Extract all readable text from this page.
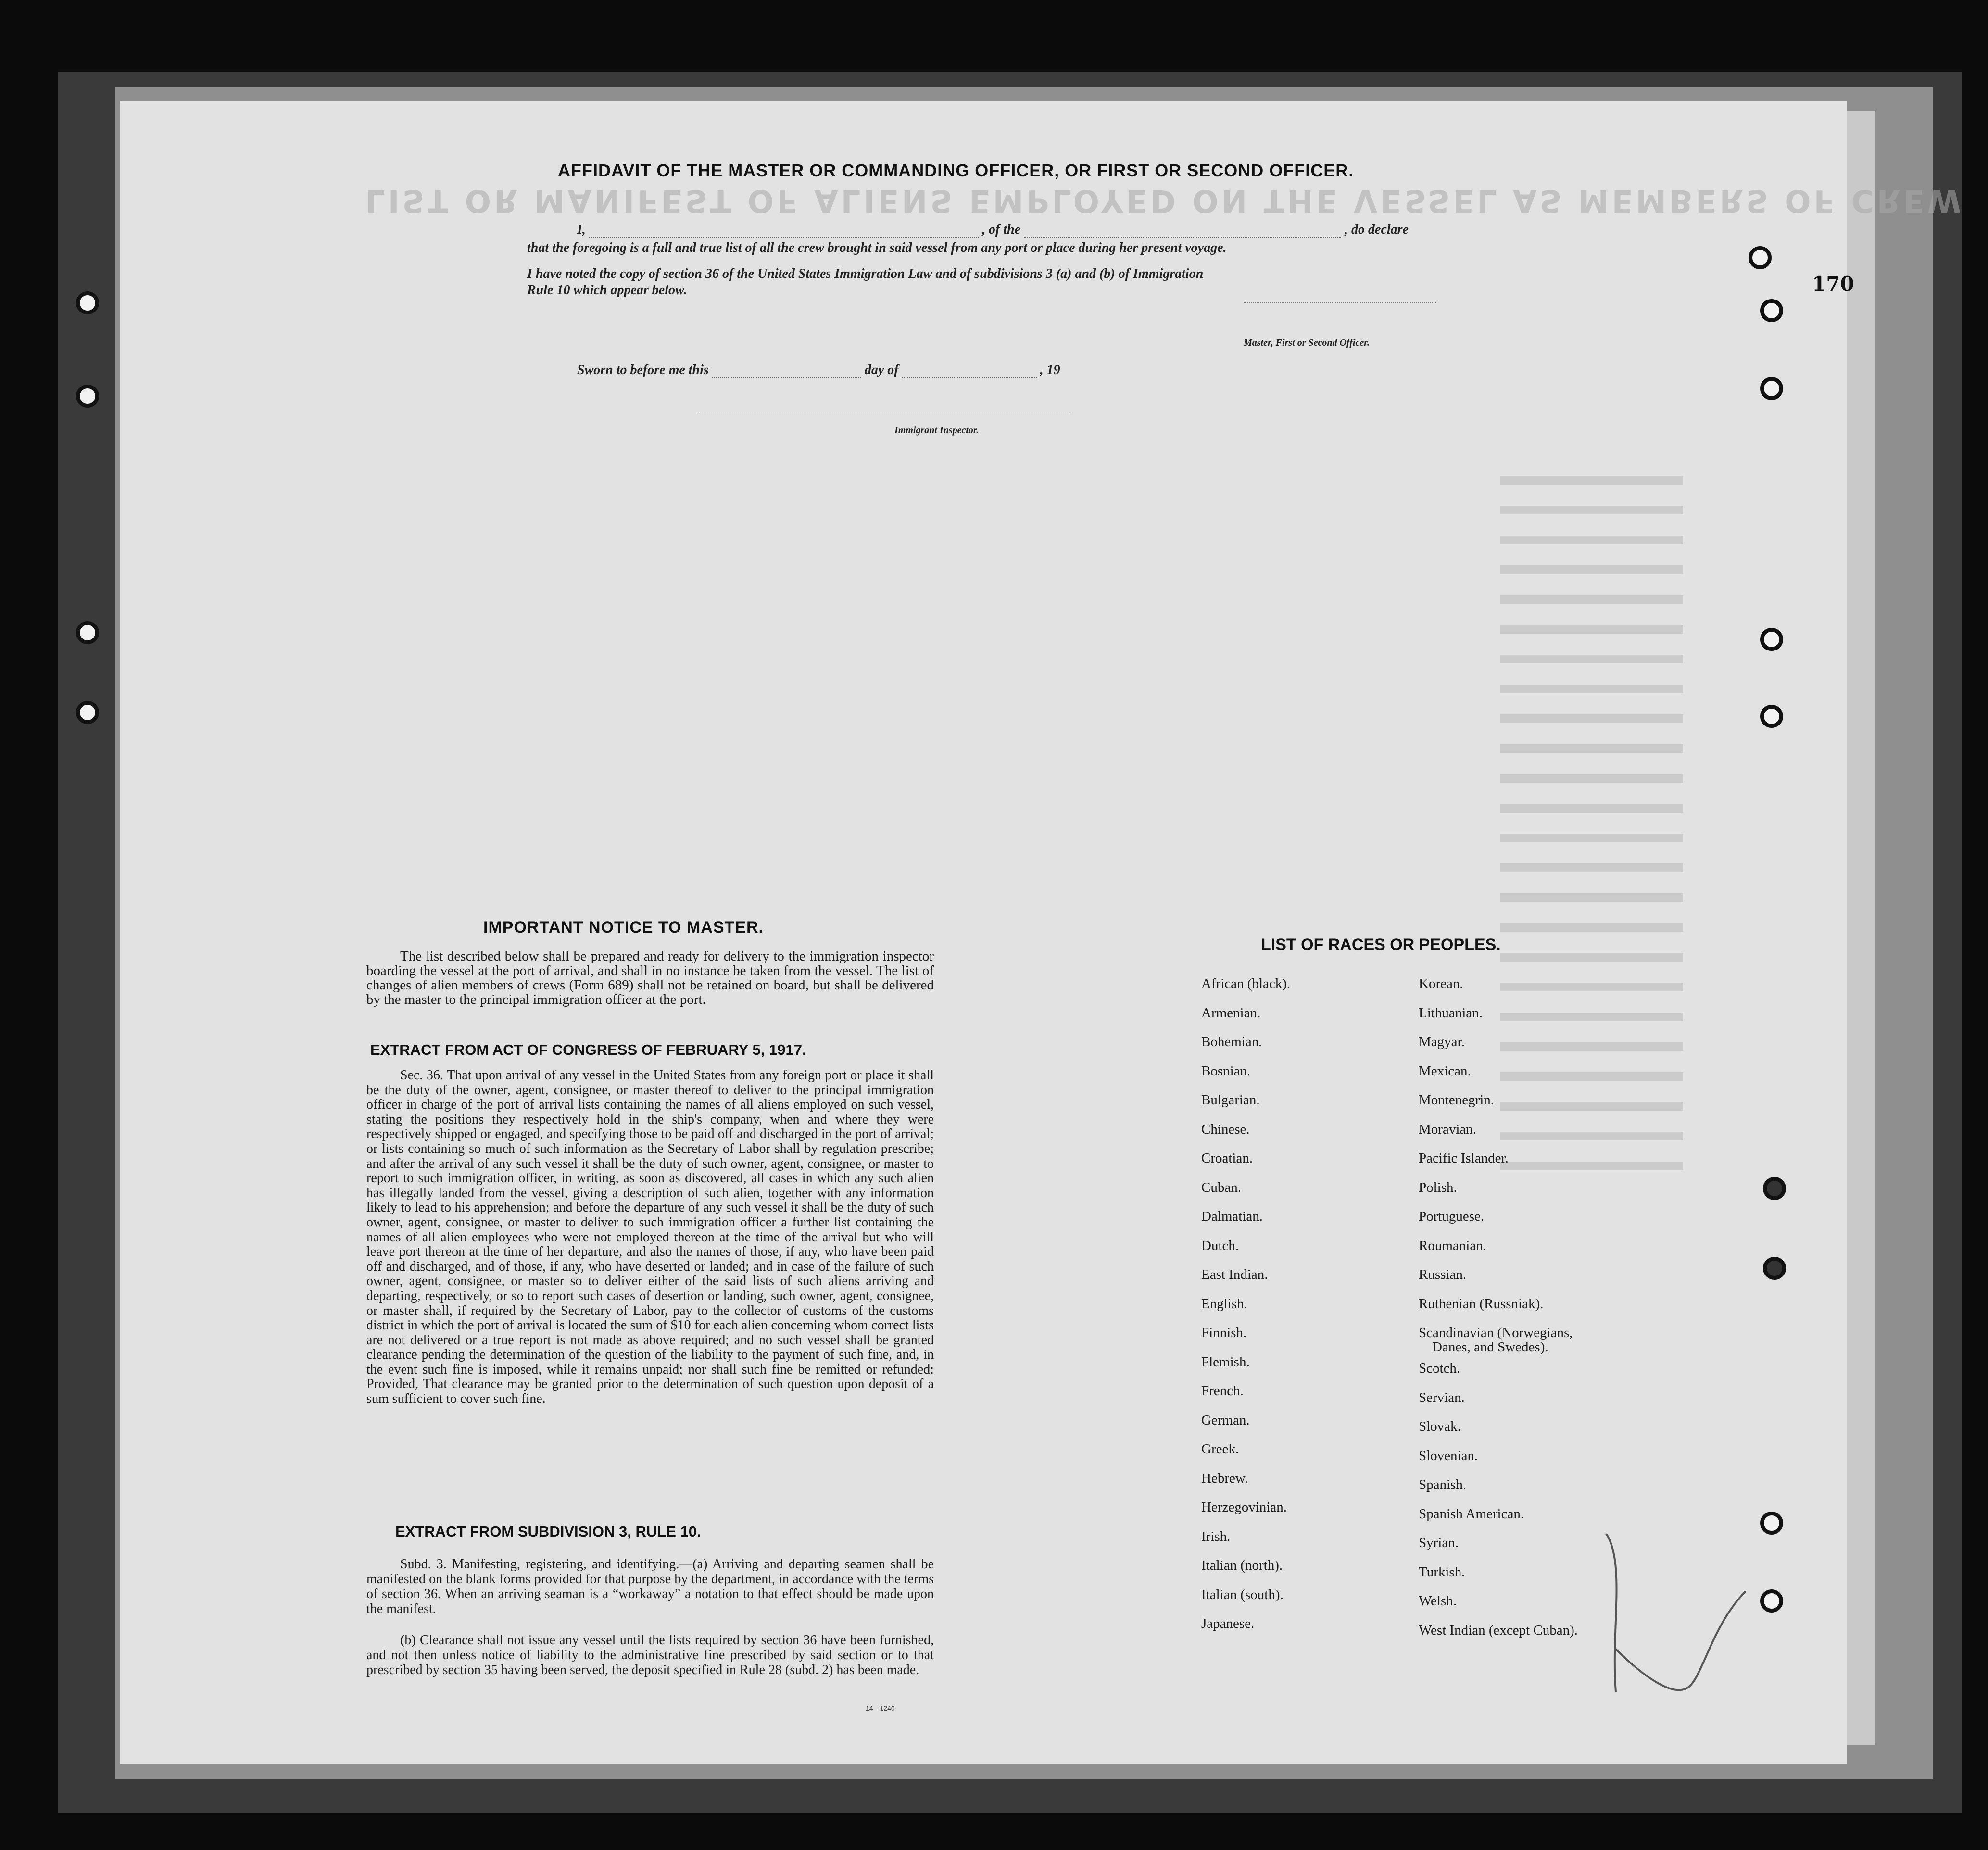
LIST OR MANIFEST OF ALIENS EMPLOYED ON THE VESSEL AS MEMBERS OF CREW
170
AFFIDAVIT OF THE MASTER OR COMMANDING OFFICER, OR FIRST OR SECOND OFFICER.
I,	, of the	, do declare
that the foregoing is a full and true list of all the crew brought in said vessel from any port or place during her present voyage.
I have noted the copy of section 36 of the United States Immigration Law and of subdivisions 3 (a) and (b) of Immigration
Rule 10 which appear below.
Master, First or Second Officer.
Sworn to before me this	day of	, 19
Immigrant Inspector.
IMPORTANT NOTICE TO MASTER.
The list described below shall be prepared and ready for delivery to the immigration inspector boarding the vessel at the port of arrival, and shall in no instance be taken from the vessel. The list of changes of alien members of crews (Form 689) shall not be retained on board, but shall be delivered by the master to the principal immigration officer at the port.
EXTRACT FROM ACT OF CONGRESS OF FEBRUARY 5, 1917.
Sec. 36. That upon arrival of any vessel in the United States from any foreign port or place it shall be the duty of the owner, agent, consignee, or master thereof to deliver to the principal immigration officer in charge of the port of arrival lists containing the names of all aliens employed on such vessel, stating the positions they respectively hold in the ship's company, when and where they were respectively shipped or engaged, and specifying those to be paid off and discharged in the port of arrival; or lists containing so much of such information as the Secretary of Labor shall by regulation prescribe; and after the arrival of any such vessel it shall be the duty of such owner, agent, consignee, or master to report to such immigration officer, in writing, as soon as discovered, all cases in which any such alien has illegally landed from the vessel, giving a description of such alien, together with any information likely to lead to his apprehension; and before the departure of any such vessel it shall be the duty of such owner, agent, consignee, or master to deliver to such immigration officer a further list containing the names of all alien employees who were not employed thereon at the time of the arrival but who will leave port thereon at the time of her departure, and also the names of those, if any, who have been paid off and discharged, and of those, if any, who have deserted or landed; and in case of the failure of such owner, agent, consignee, or master so to deliver either of the said lists of such aliens arriving and departing, respectively, or so to report such cases of desertion or landing, such owner, agent, consignee, or master shall, if required by the Secretary of Labor, pay to the collector of customs of the customs district in which the port of arrival is located the sum of $10 for each alien concerning whom correct lists are not delivered or a true report is not made as above required; and no such vessel shall be granted clearance pending the determination of the question of the liability to the payment of such fine, and, in the event such fine is imposed, while it remains unpaid; nor shall such fine be remitted or refunded: Provided, That clearance may be granted prior to the determination of such question upon deposit of a sum sufficient to cover such fine.
EXTRACT FROM SUBDIVISION 3, RULE 10.
Subd. 3. Manifesting, registering, and identifying.—(a) Arriving and departing seamen shall be manifested on the blank forms provided for that purpose by the department, in accordance with the terms of section 36. When an arriving seaman is a “workaway” a notation to that effect should be made upon the manifest.
(b) Clearance shall not issue any vessel until the lists required by section 36 have been furnished, and not then unless notice of liability to the administrative fine prescribed by said section or to that prescribed by section 35 having been served, the deposit specified in Rule 28 (subd. 2) has been made.
14—1240
LIST OF RACES OR PEOPLES.
African (black).
Armenian.
Bohemian.
Bosnian.
Bulgarian.
Chinese.
Croatian.
Cuban.
Dalmatian.
Dutch.
East Indian.
English.
Finnish.
Flemish.
French.
German.
Greek.
Hebrew.
Herzegovinian.
Irish.
Italian (north).
Italian (south).
Japanese.
Korean.
Lithuanian.
Magyar.
Mexican.
Montenegrin.
Moravian.
Pacific Islander.
Polish.
Portuguese.
Roumanian.
Russian.
Ruthenian (Russniak).
Scandinavian (Norwegians,
Danes, and Swedes).
Scotch.
Servian.
Slovak.
Slovenian.
Spanish.
Spanish American.
Syrian.
Turkish.
Welsh.
West Indian (except Cuban).
